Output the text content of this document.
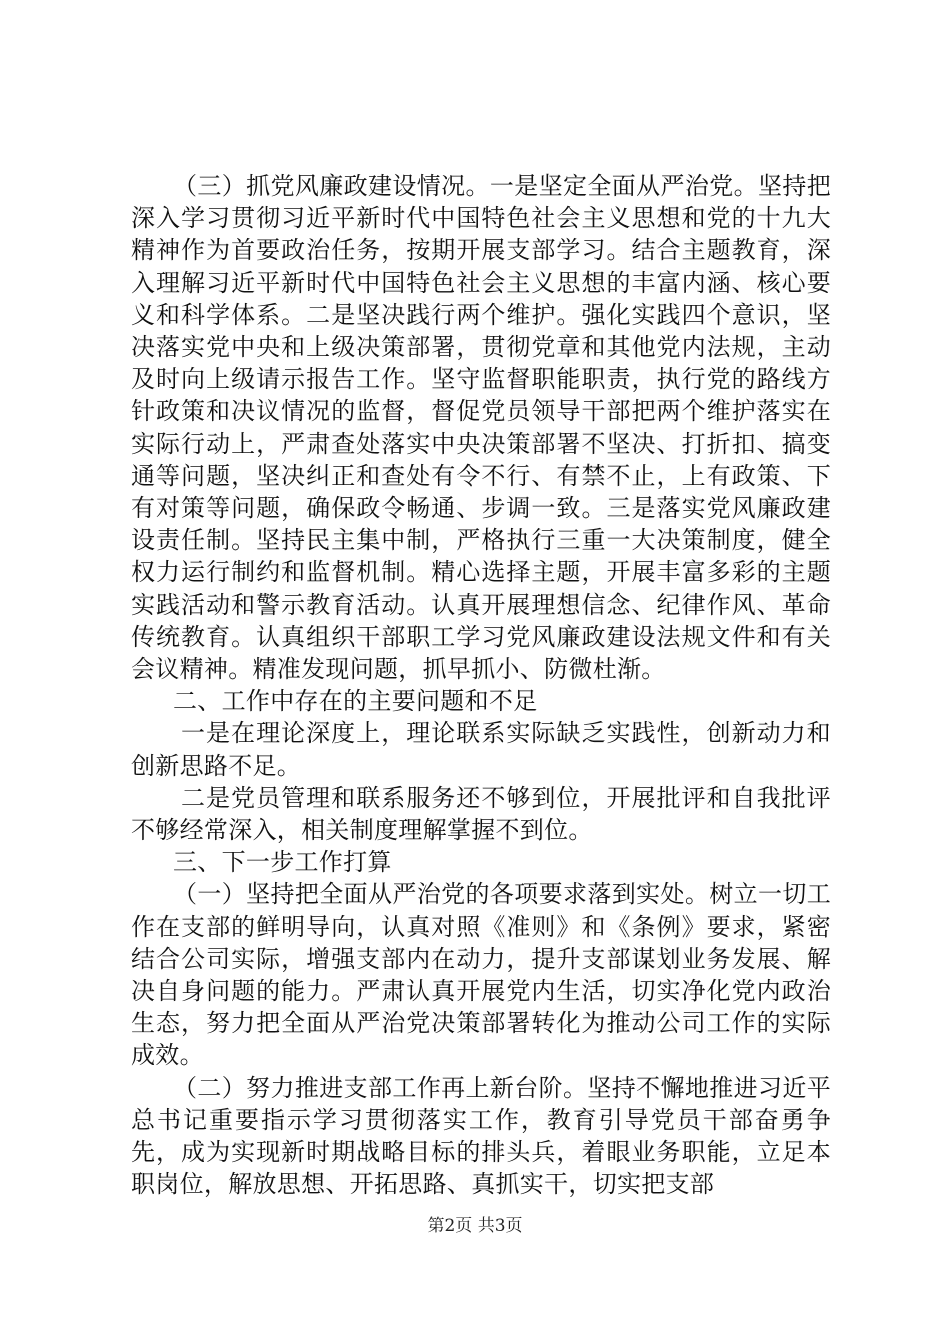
（三）抓党风廉政建设情况。一是坚定全面从严治党。坚持把深入学习贯彻习近平新时代中国特色社会主义思想和党的十九大精神作为首要政治任务，按期开展支部学习。结合主题教育，深入理解习近平新时代中国特色社会主义思想的丰富内涵、核心要义和科学体系。二是坚决践行两个维护。强化实践四个意识，坚决落实党中央和上级决策部署，贯彻党章和其他党内法规，主动及时向上级请示报告工作。坚守监督职能职责，执行党的路线方针政策和决议情况的监督，督促党员领导干部把两个维护落实在实际行动上，严肃查处落实中央决策部署不坚决、打折扣、搞变通等问题，坚决纠正和查处有令不行、有禁不止，上有政策、下有对策等问题，确保政令畅通、步调一致。三是落实党风廉政建设责任制。坚持民主集中制，严格执行三重一大决策制度，健全权力运行制约和监督机制。精心选择主题，开展丰富多彩的主题实践活动和警示教育活动。认真开展理想信念、纪律作风、革命传统教育。认真组织干部职工学习党风廉政建设法规文件和有关会议精神。精准发现问题，抓早抓小、防微杜渐。

二、工作中存在的主要问题和不足

一是在理论深度上，理论联系实际缺乏实践性，创新动力和创新思路不足。

二是党员管理和联系服务还不够到位，开展批评和自我批评不够经常深入，相关制度理解掌握不到位。

三、下一步工作打算

（一）坚持把全面从严治党的各项要求落到实处。树立一切工作在支部的鲜明导向，认真对照《准则》和《条例》要求，紧密结合公司实际，增强支部内在动力，提升支部谋划业务发展、解决自身问题的能力。严肃认真开展党内生活，切实净化党内政治生态，努力把全面从严治党决策部署转化为推动公司工作的实际成效。

（二）努力推进支部工作再上新台阶。坚持不懈地推进习近平总书记重要指示学习贯彻落实工作，教育引导党员干部奋勇争先，成为实现新时期战略目标的排头兵，着眼业务职能，立足本职岗位，解放思想、开拓思路、真抓实干，切实把支部

第2页 共3页
